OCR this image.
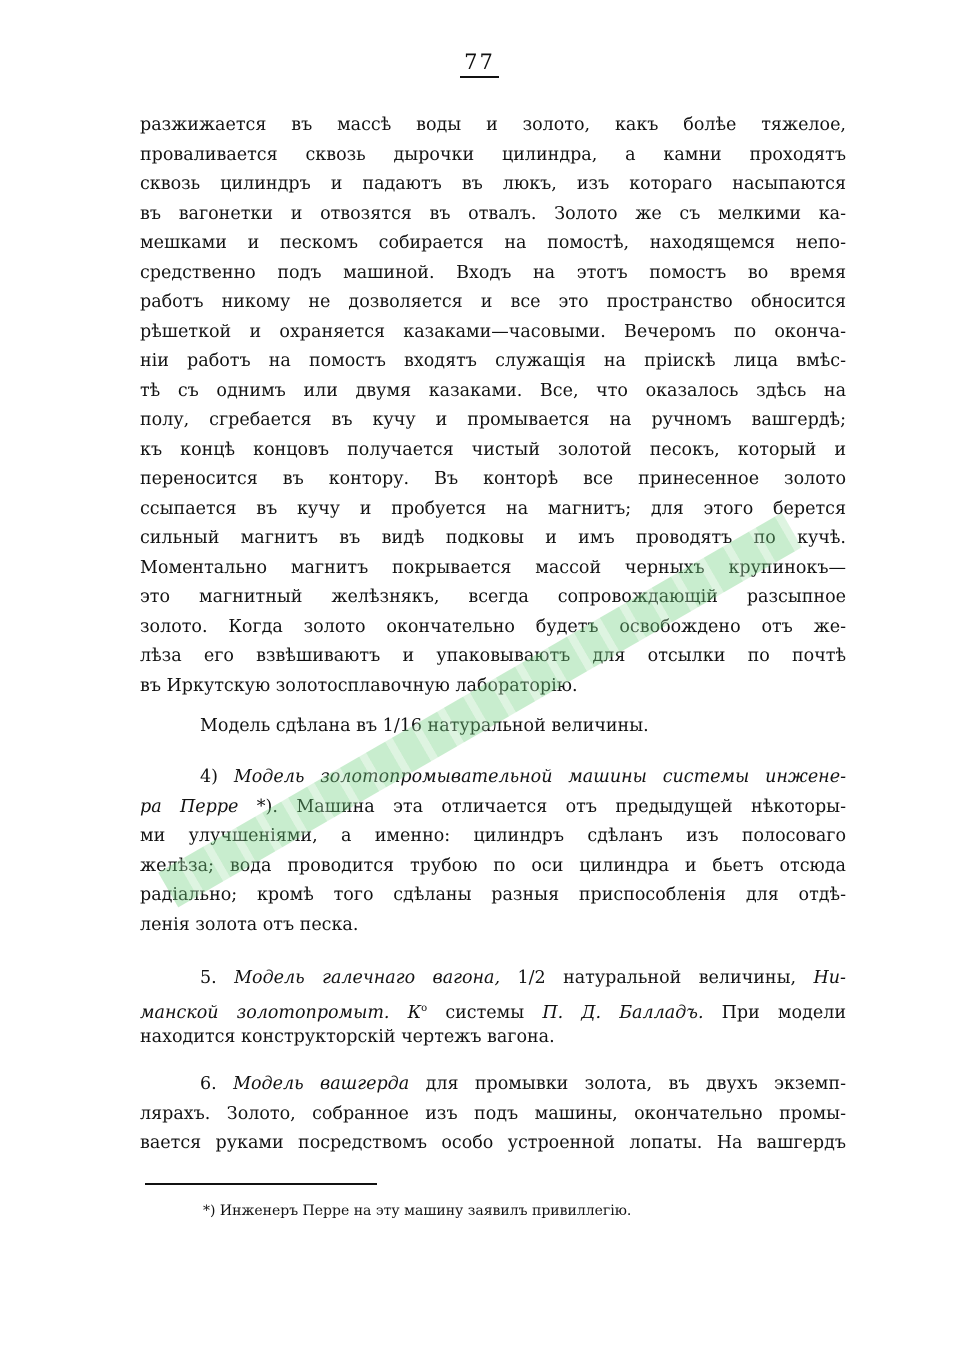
77
разжижается въ массѣ воды и золото, какъ болѣе тяжелое,
проваливается сквозь дырочки цилиндра, а камни проходятъ
сквозь цилиндръ и падаютъ въ люкъ, изъ котораго насыпаются
въ вагонетки и отвозятся въ отвалъ. Золото же съ мелкими ка-
мешками и пескомъ собирается на помостѣ, находящемся непо-
средственно подъ машиной. Входъ на этотъ помостъ во время
работъ никому не дозволяется и все это пространство обносится
рѣшеткой и охраняется казаками—часовыми. Вечеромъ по оконча-
нiи работъ на помостъ входятъ служащiя на прiискѣ лица вмѣс-
тѣ съ однимъ или двумя казаками. Все, что оказалось здѣсь на
полу, сгребается въ кучу и промывается на ручномъ вашгердѣ;
къ концѣ концовъ получается чистый золотой песокъ, который и
переносится въ контору. Въ конторѣ все принесенное золото
ссыпается въ кучу и пробуется на магнитъ; для этого берется
сильный магнитъ въ видѣ подковы и имъ проводятъ по кучѣ.
Моментально магнитъ покрывается массой черныхъ крупинокъ—
это магнитный желѣзнякъ, всегда сопровождающiй разсыпное
золото. Когда золото окончательно будетъ освобождено отъ же-
лѣза его взвѣшиваютъ и упаковываютъ для отсылки по почтѣ
въ Иркутскую золотосплавочную лабораторiю.
Модель сдѣлана въ 1/16 натуральной величины.
4) Модель золотопромывательной машины системы инжене-
ра Перре *). Машина эта отличается отъ предыдущей нѣкоторы-
ми улучшенiями, а именно: цилиндръ сдѣланъ изъ полосоваго
желѣза; вода проводится трубою по оси цилиндра и бьетъ отсюда
радiально; кромѣ того сдѣланы разныя приспособленiя для отдѣ-
ленiя золота отъ песка.
5. Модель галечнаго вагона, 1/2 натуральной величины, Ни-
манской золотопромыт. $К^о$ системы П. Д. Балладъ. При модели
находится конструкторскiй чертежъ вагона.
6. Модель вашгерда для промывки золота, въ двухъ экземп-
лярахъ. Золото, собранное изъ подъ машины, окончательно промы-
вается руками посредствомъ особо устроенной лопаты. На вашгердъ
*) Инженеръ Перре на эту машину заявилъ привиллегiю.
